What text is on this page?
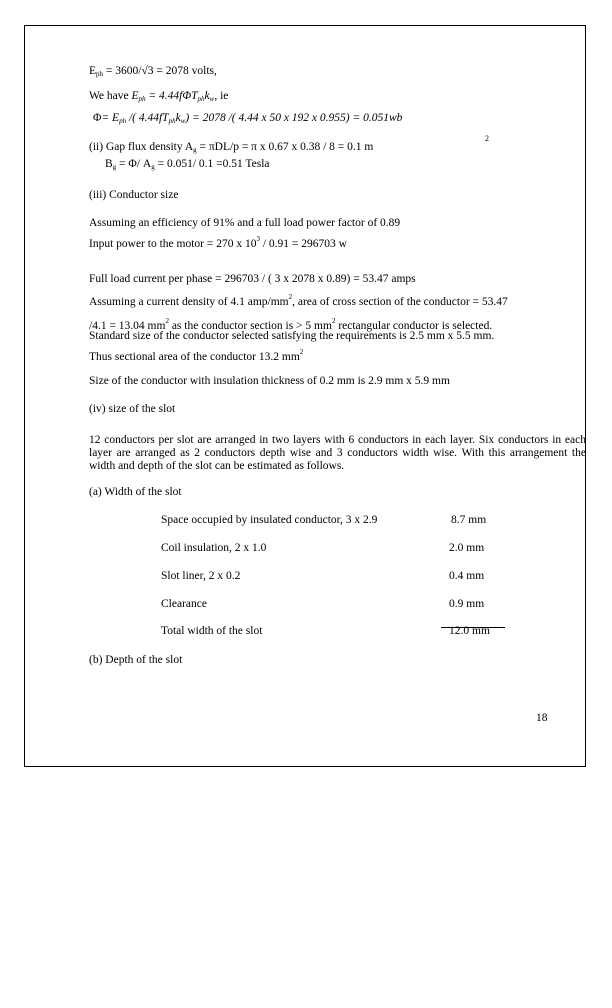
$E_{ph} = 3600/√3 = 2078$ volts,
We have $E_{ph} = 4.44f\Phi T_{ph}k_w$, ie
$\Phi= E_{ph}$ /( $4.44fT_{ph}k_w) = 2078$ /( 4.44 x 50 x 192 x 0.955) = 0.051wb
(ii) Gap flux density $A_g = \pi DL/p = \pi$ x 0.67 x 0.38 / 8 = 0.1 m
2
$B_g = \Phi/$ $A_g = 0.051/$ 0.1 =0.51 Tesla
(iii) Conductor size
Assuming an efficiency of 91% and a full load power factor of 0.89
Input power to the motor = 270 x $10^3 / 0.91 = 296703$ w
Full load current per phase = 296703 / ( 3 x 2078 x 0.89) = 53.47 amps
Assuming a current density of 4.1 amp/$mm^2$, area of cross section of the conductor = 53.47
/4.1 = 13.04 $mm^2$ as the conductor section is > 5 $mm^2$ rectangular conductor is selected.
Standard size of the conductor selected satisfying the requirements is 2.5 mm x 5.5 mm.
Thus sectional area of the conductor 13.2 $mm^2$
Size of the conductor with insulation thickness of 0.2 mm is 2.9 mm x 5.9 mm
(iv) size of the slot
12 conductors per slot are arranged in two layers with 6 conductors in each layer. Six conductors in each layer are arranged as 2 conductors depth wise and 3 conductors width wise. With this arrangement the width and depth of the slot can be estimated as follows.
(a) Width of the slot
Space occupied by insulated conductor, 3 x 2.9	8.7 mm
Coil insulation, 2 x 1.0	2.0 mm
Slot liner, 2 x 0.2	0.4 mm
Clearance	0.9 mm
Total width of the slot	12.0 mm
(b) Depth of the slot
18
